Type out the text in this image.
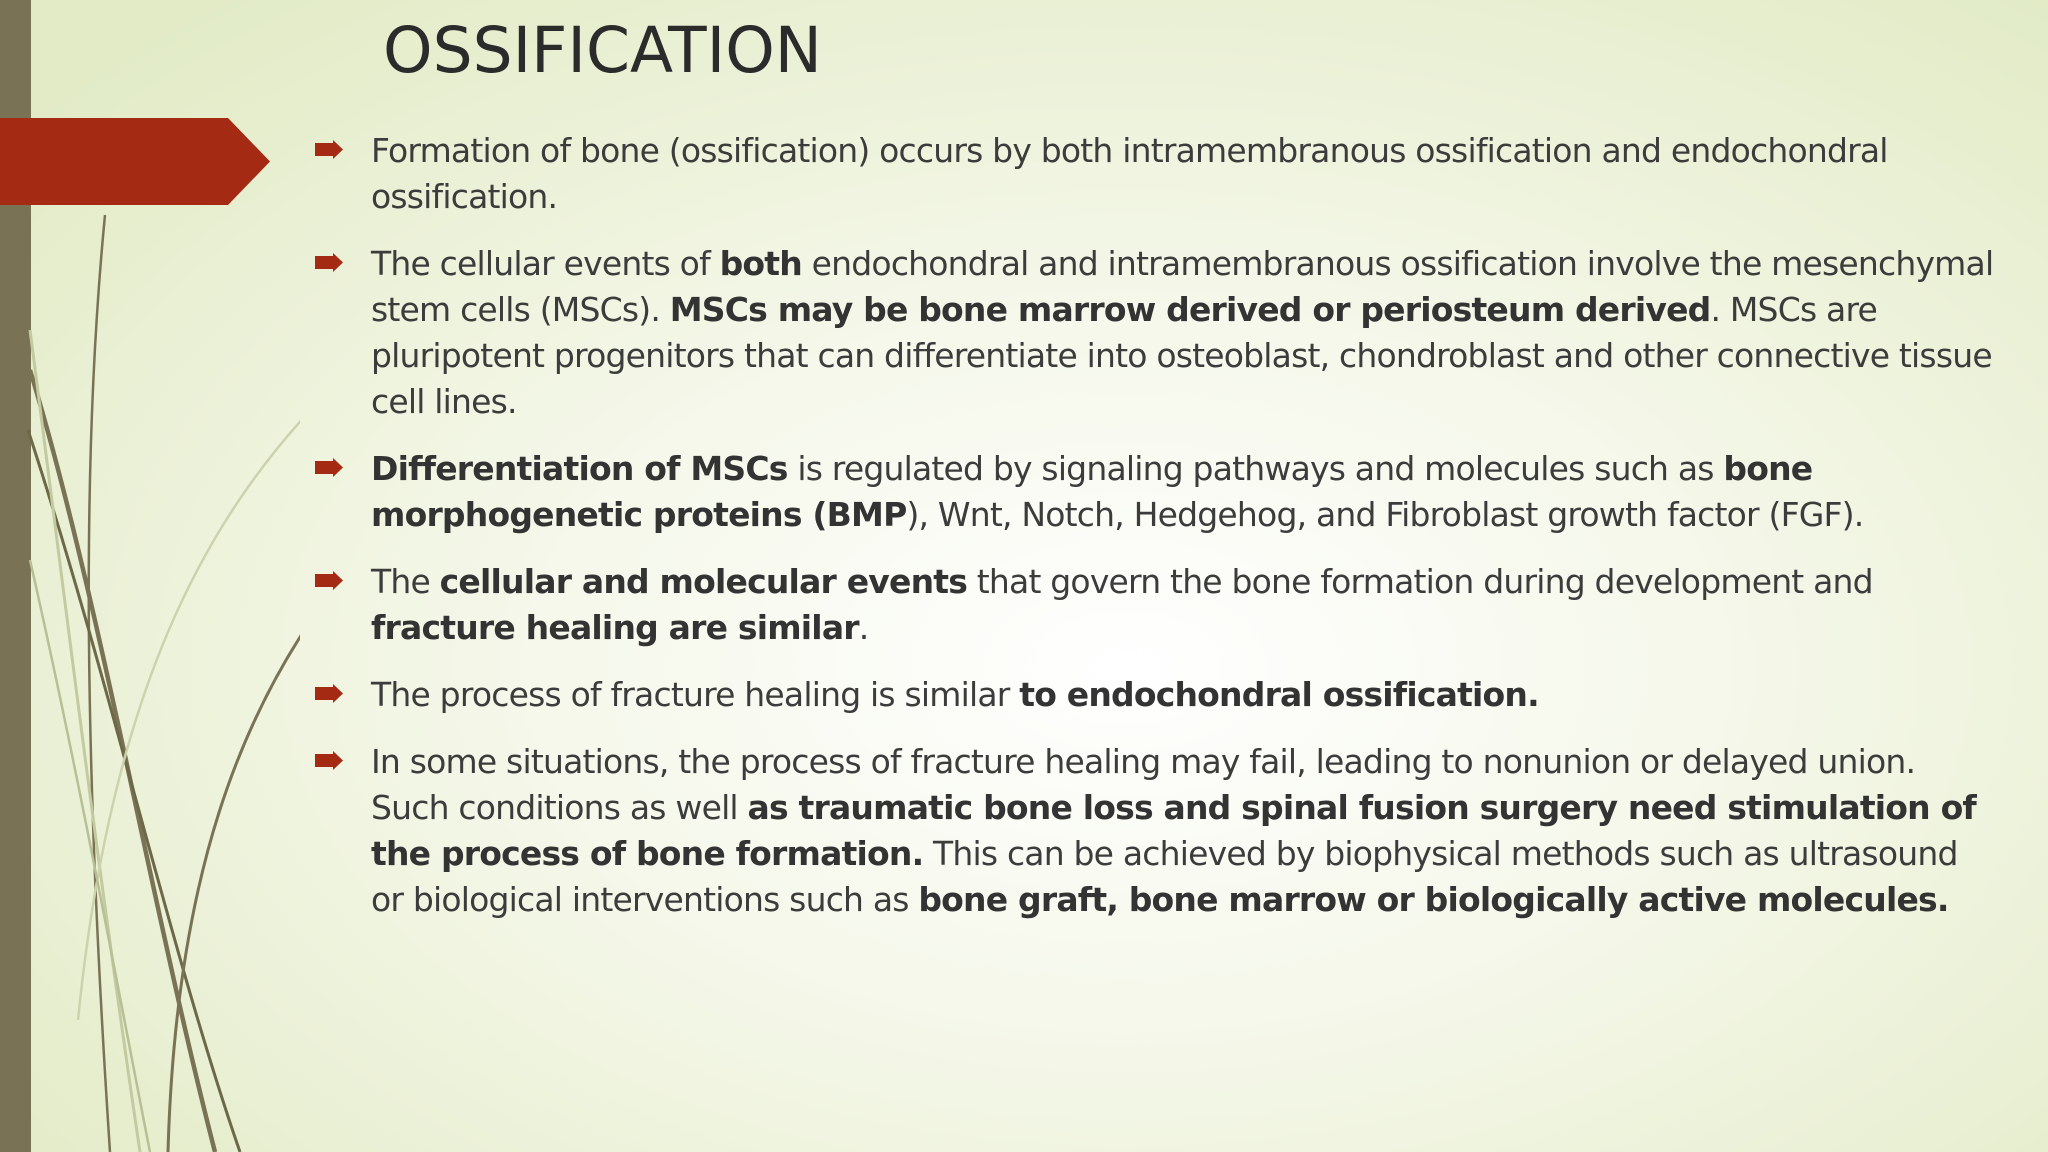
OSSIFICATION
Formation of bone (ossification) occurs by both intramembranous ossification and endochondral ossification.
The cellular events of both endochondral and intramembranous ossification involve the mesenchymal stem cells (MSCs). MSCs may be bone marrow derived or periosteum derived. MSCs are pluripotent progenitors that can differentiate into osteoblast, chondroblast and other connective tissue cell lines.
Differentiation of MSCs is regulated by signaling pathways and molecules such as bone morphogenetic proteins (BMP), Wnt, Notch, Hedgehog, and Fibroblast growth factor (FGF).
The cellular and molecular events that govern the bone formation during development and fracture healing are similar.
The process of fracture healing is similar to endochondral ossification.
In some situations, the process of fracture healing may fail, leading to nonunion or delayed union. Such conditions as well as traumatic bone loss and spinal fusion surgery need stimulation of the process of bone formation. This can be achieved by biophysical methods such as ultrasound or biological interventions such as bone graft, bone marrow or biologically active molecules.
